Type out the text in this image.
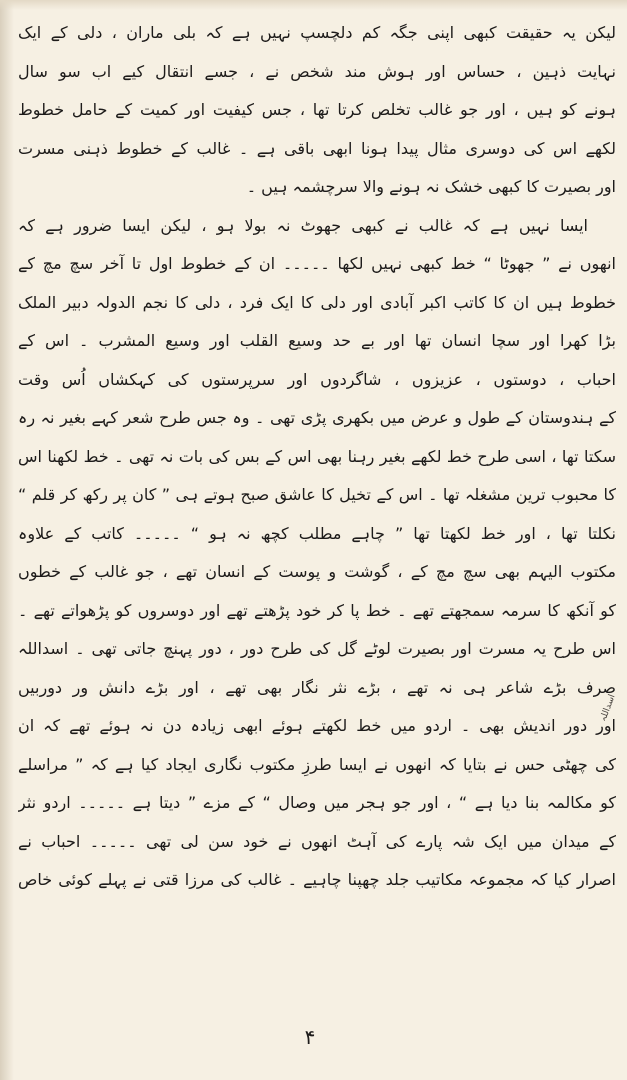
لیکن یہ حقیقت کبھی اپنی جگہ کم دلچسپ نہیں ہے کہ بلی ماران ، دلی کے ایک
نہایت ذہین ، حساس اور ہوش مند شخص نے ، جسے انتقال کیے اب سو سال
ہونے کو ہیں ، اور جو غالب تخلص کرتا تھا ، جس کیفیت اور کمیت کے حامل خطوط
لکھے اس کی دوسری مثال پیدا ہونا ابھی باقی ہے ۔ غالب کے خطوط ذہنی مسرت
اور بصیرت کا کبھی خشک نہ ہونے والا سرچشمہ ہیں ۔
ایسا نہیں ہے کہ غالب نے کبھی جھوٹ نہ بولا ہو ، لیکن ایسا ضرور ہے کہ
انھوں نے ” جھوٹا “ خط کبھی نہیں لکھا ۔۔۔۔۔ ان کے خطوط اول تا آخر سچ مچ کے
خطوط ہیں ان کا کاتب اکبر آبادی اور دلی کا ایک فرد ، دلی کا نجم الدولہ دبیر الملک
بڑا کھرا اور سچا انسان تھا اور بے حد وسیع القلب اور وسیع المشرب ۔ اس کے
احباب ، دوستوں ، عزیزوں ، شاگردوں اور سرپرستوں کی کہکشاں اُس وقت
کے ہندوستان کے طول و عرض میں بکھری پڑی تھی ۔ وہ جس طرح شعر کہے بغیر نہ رہ
سکتا تھا ، اسی طرح خط لکھے بغیر رہنا بھی اس کے بس کی بات نہ تھی ۔ خط لکھنا اس
کا محبوب ترین مشغلہ تھا ۔ اس کے تخیل کا عاشق صبح ہوتے ہی ” کان پر رکھ کر قلم “
نکلتا تھا ، اور خط لکھتا تھا ” چاہے مطلب کچھ نہ ہو “ ۔۔۔۔۔ کاتب کے علاوہ
مکتوب الیہم بھی سچ مچ کے ، گوشت و پوست کے انسان تھے ، جو غالب کے خطوں
کو آنکھ کا سرمہ سمجھتے تھے ۔ خط پا کر خود پڑھتے تھے اور دوسروں کو پڑھواتے تھے ۔
اس طرح یہ مسرت اور بصیرت لوٹے گل کی طرح دور ، دور پہنچ جاتی تھی ۔ اسداللہ
صرف بڑے شاعر ہی نہ تھے ، بڑے نثر نگار بھی تھے ، اور بڑے دانش ور دوربیں
اور دور اندیش بھی ۔ اردو میں خط لکھتے ہوئے ابھی زیادہ دن نہ ہوئے تھے کہ ان
کی چھٹی حس نے بتایا کہ انھوں نے ایسا طرزِ مکتوب نگاری ایجاد کیا ہے کہ ” مراسلے
کو مکالمہ بنا دیا ہے “ ، اور جو ہجر میں وصال “ کے مزے ” دیتا ہے ۔۔۔۔۔ اردو نثر
کے میدان میں ایک شہ پارے کی آہٹ انھوں نے خود سن لی تھی ۔۔۔۔۔ احباب نے
اصرار کیا کہ مجموعہ مکاتیب جلد چھپنا چاہیے ۔ غالب کی مرزا قتی نے پہلے کوئی خاص
اسداللہ
۴
